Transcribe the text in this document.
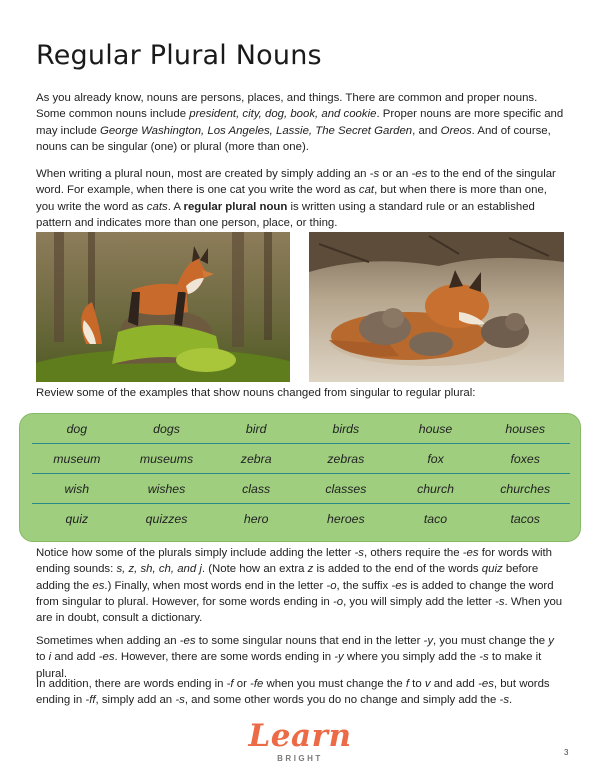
Regular Plural Nouns

As you already know, nouns are persons, places, and things. There are common and proper nouns. Some common nouns include president, city, dog, book, and cookie. Proper nouns are more specific and may include George Washington, Los Angeles, Lassie, The Secret Garden, and Oreos. And of course, nouns can be singular (one) or plural (more than one).

When writing a plural noun, most are created by simply adding an -s or an -es to the end of the singular word. For example, when there is one cat you write the word as cat, but when there is more than one, you write the word as cats. A regular plural noun is written using a standard rule or an established pattern and indicates more than one person, place, or thing.

Review some of the examples that show nouns changed from singular to regular plural:

dog	dogs	bird	birds	house	houses
museum	museums	zebra	zebras	fox	foxes
wish	wishes	class	classes	church	churches
quiz	quizzes	hero	heroes	taco	tacos

Notice how some of the plurals simply include adding the letter -s, others require the -es for words with ending sounds: s, z, sh, ch, and j. (Note how an extra z is added to the end of the words quiz before adding the es.) Finally, when most words end in the letter -o, the suffix -es is added to change the word from singular to plural. However, for some words ending in -o, you will simply add the letter -s. When you are in doubt, consult a dictionary.

Sometimes when adding an -es to some singular nouns that end in the letter -y, you must change the y to i and add -es. However, there are some words ending in -y where you simply add the -s to make it plural.

In addition, there are words ending in -f or -fe when you must change the f to v and add -es, but words ending in -ff, simply add an -s, and some other words you do no change and simply add the -s.

Learn
BRIGHT
3
